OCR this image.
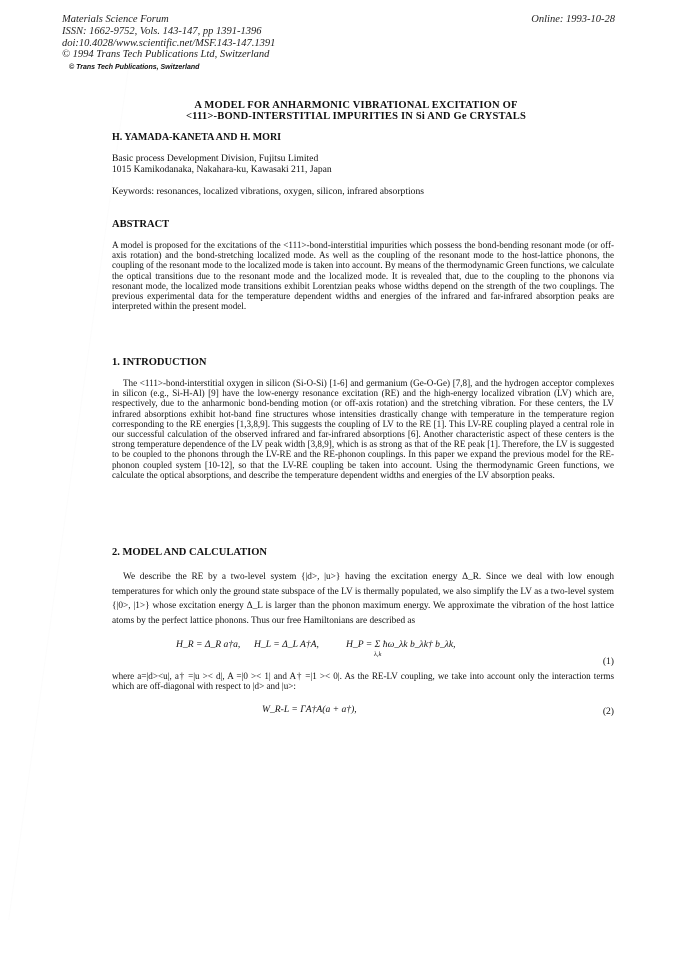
Materials Science Forum
ISSN: 1662-9752, Vols. 143-147, pp 1391-1396
doi:10.4028/www.scientific.net/MSF.143-147.1391
© 1994 Trans Tech Publications Ltd, Switzerland
Online: 1993-10-28
© Trans Tech Publications, Switzerland
A MODEL FOR ANHARMONIC VIBRATIONAL EXCITATION OF
<111>-BOND-INTERSTITIAL IMPURITIES IN Si AND Ge CRYSTALS
H. YAMADA-KANETA AND H. MORI
Basic process Development Division, Fujitsu Limited
1015 Kamikodanaka, Nakahara-ku, Kawasaki 211, Japan
Keywords: resonances, localized vibrations, oxygen, silicon, infrared absorptions
ABSTRACT
A model is proposed for the excitations of the <111>-bond-interstitial impurities which possess the bond-bending resonant mode (or off-axis rotation) and the bond-stretching localized mode. As well as the coupling of the resonant mode to the host-lattice phonons, the coupling of the resonant mode to the localized mode is taken into account. By means of the thermodynamic Green functions, we calculate the optical transitions due to the resonant mode and the localized mode. It is revealed that, due to the coupling to the phonons via resonant mode, the localized mode transitions exhibit Lorentzian peaks whose widths depend on the strength of the two couplings. The previous experimental data for the temperature dependent widths and energies of the infrared and far-infrared absorption peaks are interpreted within the present model.
1. INTRODUCTION
The <111>-bond-interstitial oxygen in silicon (Si-O-Si) [1-6] and germanium (Ge-O-Ge) [7,8], and the hydrogen acceptor complexes in silicon (e.g., Si-H-Al) [9] have the low-energy resonance excitation (RE) and the high-energy localized vibration (LV) which are, respectively, due to the anharmonic bond-bending motion (or off-axis rotation) and the stretching vibration. For these centers, the LV infrared absorptions exhibit hot-band fine structures whose intensities drastically change with temperature in the temperature region corresponding to the RE energies [1,3,8,9]. This suggests the coupling of LV to the RE [1]. This LV-RE coupling played a central role in our successful calculation of the observed infrared and far-infrared absorptions [6]. Another characteristic aspect of these centers is the strong temperature dependence of the LV peak width [3,8,9], which is as strong as that of the RE peak [1]. Therefore, the LV is suggested to be coupled to the phonons through the LV-RE and the RE-phonon couplings. In this paper we expand the previous model for the RE-phonon coupled system [10-12], so that the LV-RE coupling be taken into account. Using the thermodynamic Green functions, we calculate the optical absorptions, and describe the temperature dependent widths and energies of the LV absorption peaks.
2. MODEL AND CALCULATION
We describe the RE by a two-level system {|d>, |u>} having the excitation energy Δ_R. Since we deal with low enough temperatures for which only the ground state subspace of the LV is thermally populated, we also simplify the LV as a two-level system {|0>, |1>} whose excitation energy Δ_L is larger than the phonon maximum energy. We approximate the vibration of the host lattice atoms by the perfect lattice phonons. Thus our free Hamiltonians are described as
H_R = Δ_R a†a, H_L = Δ_L A†A,	H_P = Σ ħω_λk b_λk† b_λk,
λ,k
(1)
where a=|d><u|, a† =|u >< d|, A =|0 >< 1| and A† =|1 >< 0|. As the RE-LV coupling, we take into account only the interaction terms which are off-diagonal with respect to |d> and |u>:
W_R-L = ΓA†A(a + a†),	(2)
